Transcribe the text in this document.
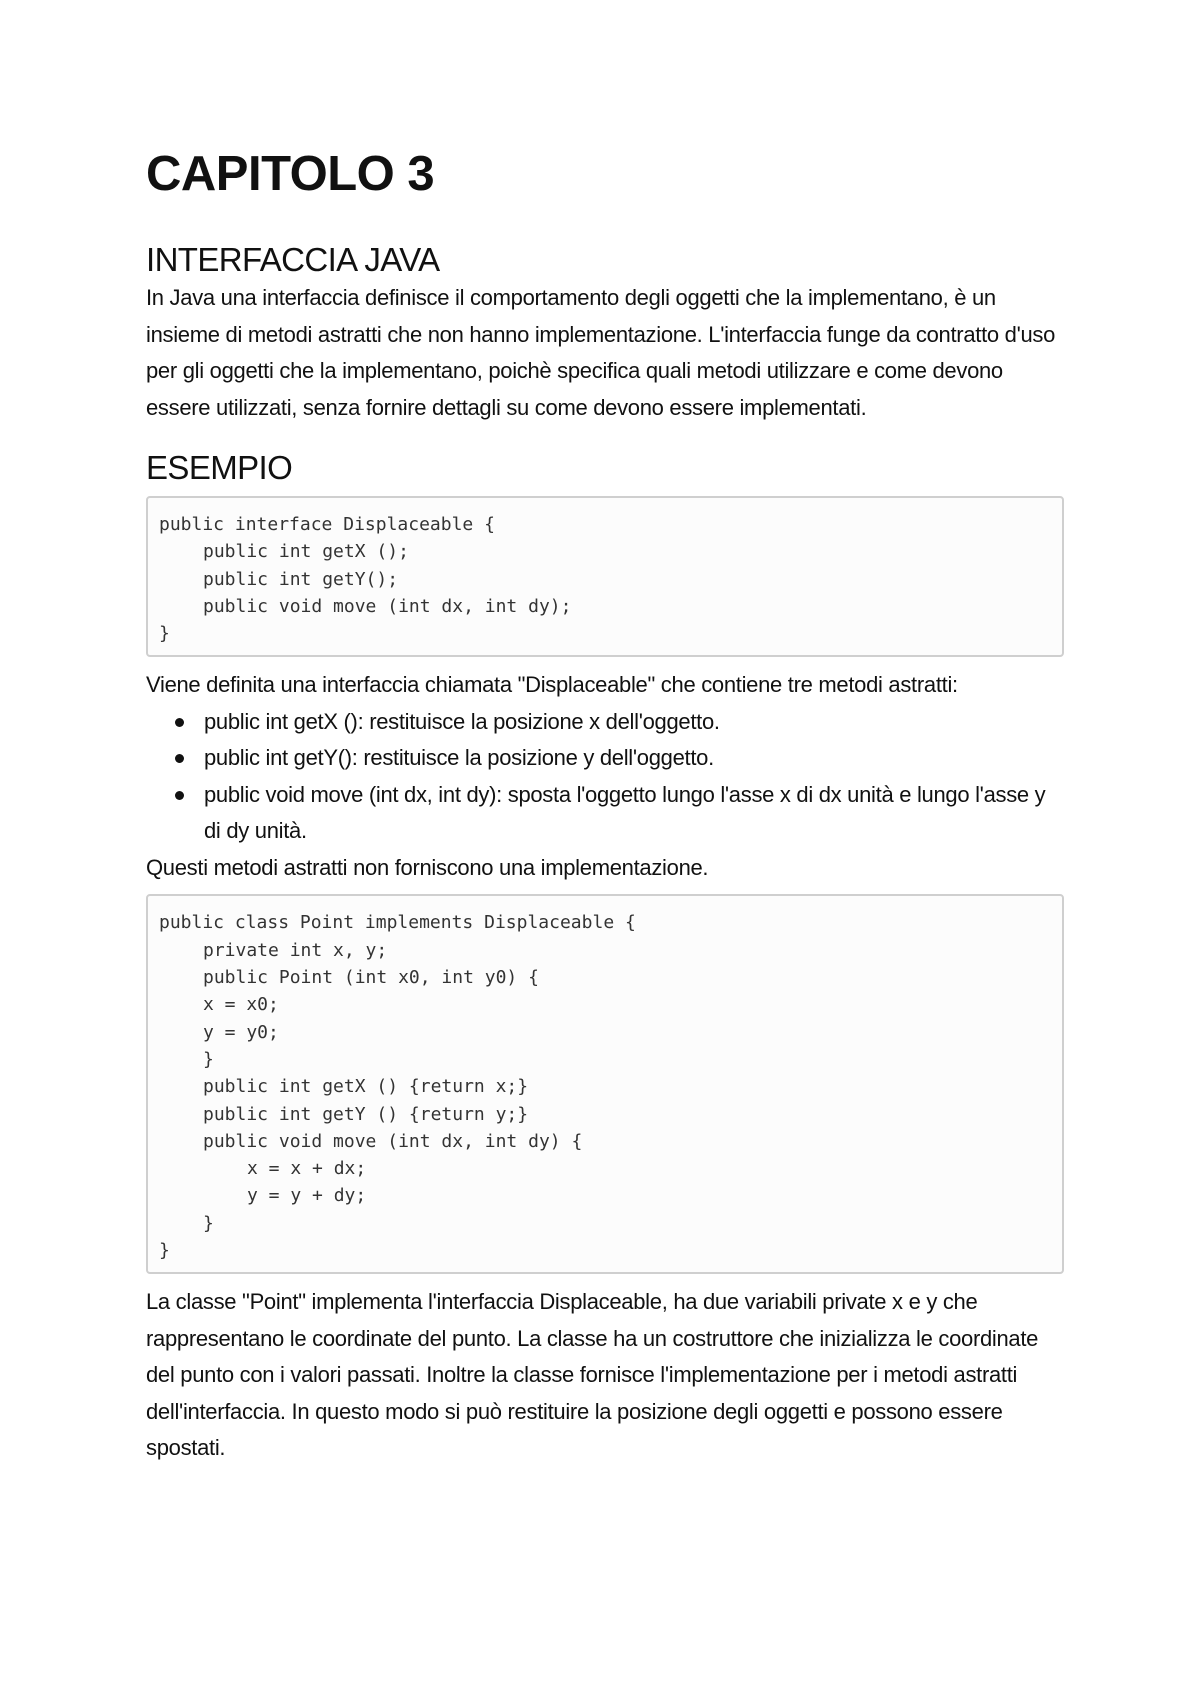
CAPITOLO 3
INTERFACCIA JAVA

In Java una interfaccia definisce il comportamento degli oggetti che la implementano, è un insieme di metodi astratti che non hanno implementazione. L'interfaccia funge da contratto d'uso per gli oggetti che la implementano, poichè specifica quali metodi utilizzare e come devono essere utilizzati, senza fornire dettagli su come devono essere implementati.

ESEMPIO
public interface Displaceable {
public int getX ();
public int getY();
public void move (int dx, int dy);
}

Viene definita una interfaccia chiamata "Displaceable" che contiene tre metodi astratti:

public int getX (): restituisce la posizione x dell'oggetto.
public int getY(): restituisce la posizione y dell'oggetto.
public void move (int dx, int dy): sposta l'oggetto lungo l'asse x di dx unità e lungo l'asse y di dy unità.

Questi metodi astratti non forniscono una implementazione.

public class Point implements Displaceable {
private int x, y;
public Point (int x0, int y0) {
x = x0;
y = y0;
}
public int getX () {return x;}
public int getY () {return y;}
public void move (int dx, int dy) {
x = x + dx;
y = y + dy;
}
}

La classe "Point" implementa l'interfaccia Displaceable, ha due variabili private x e y che rappresentano le coordinate del punto. La classe ha un costruttore che inizializza le coordinate del punto con i valori passati. Inoltre la classe fornisce l'implementazione per i metodi astratti dell'interfaccia. In questo modo si può restituire la posizione degli oggetti e possono essere spostati.
